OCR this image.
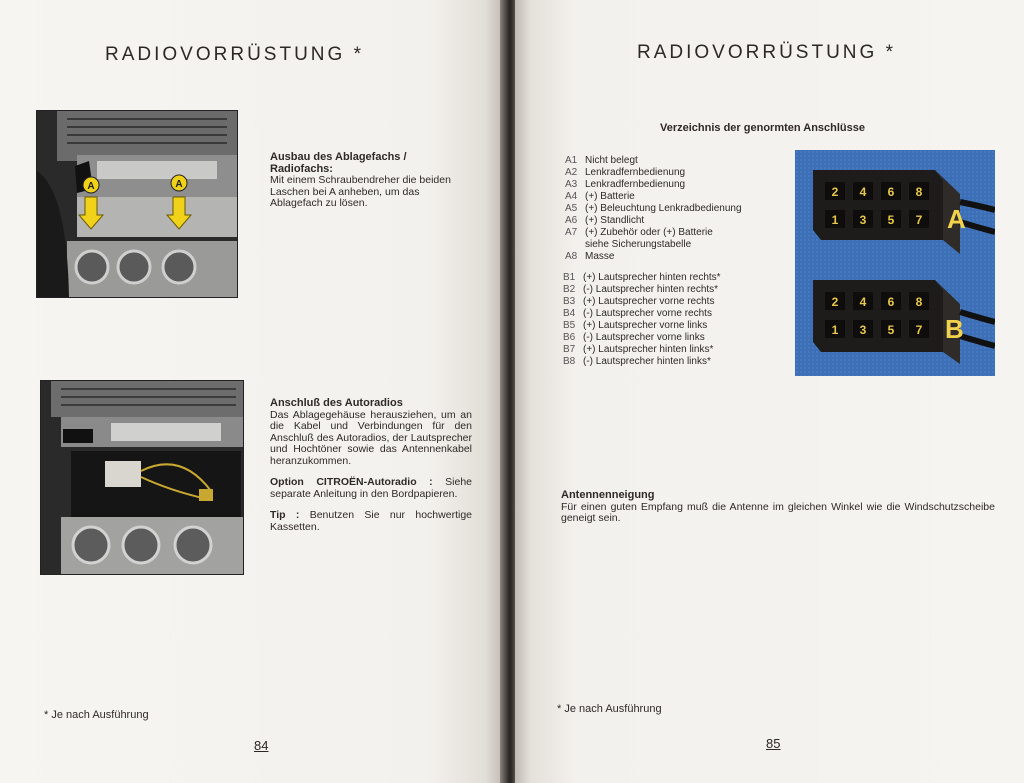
RADIOVORRÜSTUNG *
A	A
Ausbau des Ablagefachs / Radiofachs:
Mit einem Schraubendreher die beiden Laschen bei A anheben, um das Ablagefach zu lösen.
Anschluß des Autoradios
Das Ablagegehäuse herausziehen, um an die Kabel und Verbindungen für den Anschluß des Autoradios, der Lautsprecher und Hochtöner sowie das Antennenkabel heranzukommen.
Option CITROËN-Autoradio : Siehe separate Anleitung in den Bordpapieren.
Tip : Benutzen Sie nur hochwertige Kassetten.
* Je nach Ausführung
84
RADIOVORRÜSTUNG *
Verzeichnis der genormten Anschlüsse
A1 Nicht belegt
A2 Lenkradfernbedienung
A3 Lenkradfernbedienung
A4 (+) Batterie
A5 (+) Beleuchtung Lenkradbedienung
A6 (+) Standlicht
A7 (+) Zubehör oder (+) Batterie
siehe Sicherungstabelle
A8 Masse
B1 (+) Lautsprecher hinten rechts*
B2 (-) Lautsprecher hinten rechts*
B3 (+) Lautsprecher vorne rechts
B4 (-) Lautsprecher vorne rechts
B5 (+) Lautsprecher vorne links
B6 (-) Lautsprecher vorne links
B7 (+) Lautsprecher hinten links*
B8 (-) Lautsprecher hinten links*
2 4 6 8
1 3 5 7
2 4 6 8
1 3 5 7
A
B
Antennenneigung
Für einen guten Empfang muß die Antenne im gleichen Winkel wie die Windschutzscheibe geneigt sein.
* Je nach Ausführung
85
